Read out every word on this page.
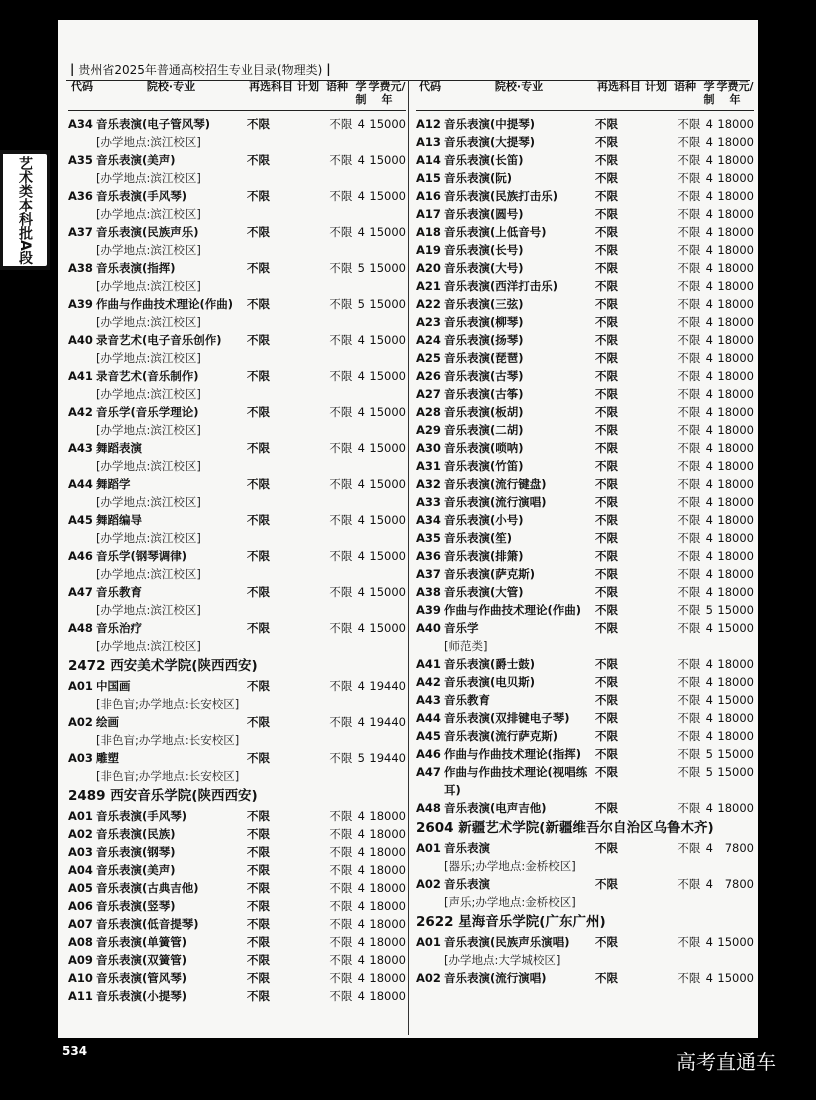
| 贵州省2025年普通高校招生专业目录(物理类) |
代码	院校·专业	再选科目 计划 语种 学制
学费元/年
A34 音乐表演(电子管风琴)	不限	不限 4 15000
[办学地点:滨江校区]
A35 音乐表演(美声)	不限	不限 4 15000
[办学地点:滨江校区]
A36 音乐表演(手风琴)	不限	不限 4 15000
[办学地点:滨江校区]
A37 音乐表演(民族声乐)	不限	不限 4 15000
[办学地点:滨江校区]
A38 音乐表演(指挥)	不限	不限 5 15000
[办学地点:滨江校区]
A39 作曲与作曲技术理论(作曲)	不限	不限 5 15000
[办学地点:滨江校区]
A40 录音艺术(电子音乐创作)	不限	不限 4 15000
[办学地点:滨江校区]
A41 录音艺术(音乐制作)	不限	不限 4 15000
[办学地点:滨江校区]
A42 音乐学(音乐学理论)	不限	不限 4 15000
[办学地点:滨江校区]
A43 舞蹈表演	不限	不限 4 15000
[办学地点:滨江校区]
A44 舞蹈学	不限	不限 4 15000
[办学地点:滨江校区]
A45 舞蹈编导	不限	不限 4 15000
[办学地点:滨江校区]
A46 音乐学(钢琴调律)	不限	不限 4 15000
[办学地点:滨江校区]
A47 音乐教育	不限	不限 4 15000
[办学地点:滨江校区]
A48 音乐治疗	不限	不限 4 15000
[办学地点:滨江校区]
2472 西安美术学院(陕西西安)
A01 中国画	不限	不限 4 19440
[非色盲;办学地点:长安校区]
A02 绘画	不限	不限 4 19440
[非色盲;办学地点:长安校区]
A03 雕塑	不限	不限 5 19440
[非色盲;办学地点:长安校区]
2489 西安音乐学院(陕西西安)
A01 音乐表演(手风琴)	不限	不限 4 18000
A02 音乐表演(民族)	不限	不限 4 18000
A03 音乐表演(钢琴)	不限	不限 4 18000
A04 音乐表演(美声)	不限	不限 4 18000
A05 音乐表演(古典吉他)	不限	不限 4 18000
A06 音乐表演(竖琴)	不限	不限 4 18000
A07 音乐表演(低音提琴)	不限	不限 4 18000
A08 音乐表演(单簧管)	不限	不限 4 18000
A09 音乐表演(双簧管)	不限	不限 4 18000
A10 音乐表演(管风琴)	不限	不限 4 18000
A11 音乐表演(小提琴)	不限	不限 4 18000
代码	院校·专业	再选科目 计划 语种 学制
学费元/年
A12 音乐表演(中提琴)	不限	不限 4 18000
A13 音乐表演(大提琴)	不限	不限 4 18000
A14 音乐表演(长笛)	不限	不限 4 18000
A15 音乐表演(阮)	不限	不限 4 18000
A16 音乐表演(民族打击乐)	不限	不限 4 18000
A17 音乐表演(圆号)	不限	不限 4 18000
A18 音乐表演(上低音号)	不限	不限 4 18000
A19 音乐表演(长号)	不限	不限 4 18000
A20 音乐表演(大号)	不限	不限 4 18000
A21 音乐表演(西洋打击乐)	不限	不限 4 18000
A22 音乐表演(三弦)	不限	不限 4 18000
A23 音乐表演(柳琴)	不限	不限 4 18000
A24 音乐表演(扬琴)	不限	不限 4 18000
A25 音乐表演(琵琶)	不限	不限 4 18000
A26 音乐表演(古琴)	不限	不限 4 18000
A27 音乐表演(古筝)	不限	不限 4 18000
A28 音乐表演(板胡)	不限	不限 4 18000
A29 音乐表演(二胡)	不限	不限 4 18000
A30 音乐表演(唢呐)	不限	不限 4 18000
A31 音乐表演(竹笛)	不限	不限 4 18000
A32 音乐表演(流行键盘)	不限	不限 4 18000
A33 音乐表演(流行演唱)	不限	不限 4 18000
A34 音乐表演(小号)	不限	不限 4 18000
A35 音乐表演(笙)	不限	不限 4 18000
A36 音乐表演(排箫)	不限	不限 4 18000
A37 音乐表演(萨克斯)	不限	不限 4 18000
A38 音乐表演(大管)	不限	不限 4 18000
A39 作曲与作曲技术理论(作曲)	不限	不限 5 15000
A40 音乐学	不限	不限 4 15000
[师范类]
A41 音乐表演(爵士鼓)	不限	不限 4 18000
A42 音乐表演(电贝斯)	不限	不限 4 18000
A43 音乐教育	不限	不限 4 15000
A44 音乐表演(双排键电子琴)	不限	不限 4 18000
A45 音乐表演(流行萨克斯)	不限	不限 4 18000
A46 作曲与作曲技术理论(指挥)	不限	不限 5 15000
A47 作曲与作曲技术理论(视唱练耳)
不限	不限 5 15000
A48 音乐表演(电声吉他)	不限	不限 4 18000
2604 新疆艺术学院(新疆维吾尔自治区乌鲁木齐)
A01 音乐表演	不限	不限 4	7800
[器乐;办学地点:金桥校区]
A02 音乐表演	不限	不限 4	7800
[声乐;办学地点:金桥校区]
2622 星海音乐学院(广东广州)
A01 音乐表演(民族声乐演唱)	不限	不限 4 15000
[办学地点:大学城校区]
A02 音乐表演(流行演唱)	不限	不限 4 15000
艺术类本科批A段
534	高考直通车
